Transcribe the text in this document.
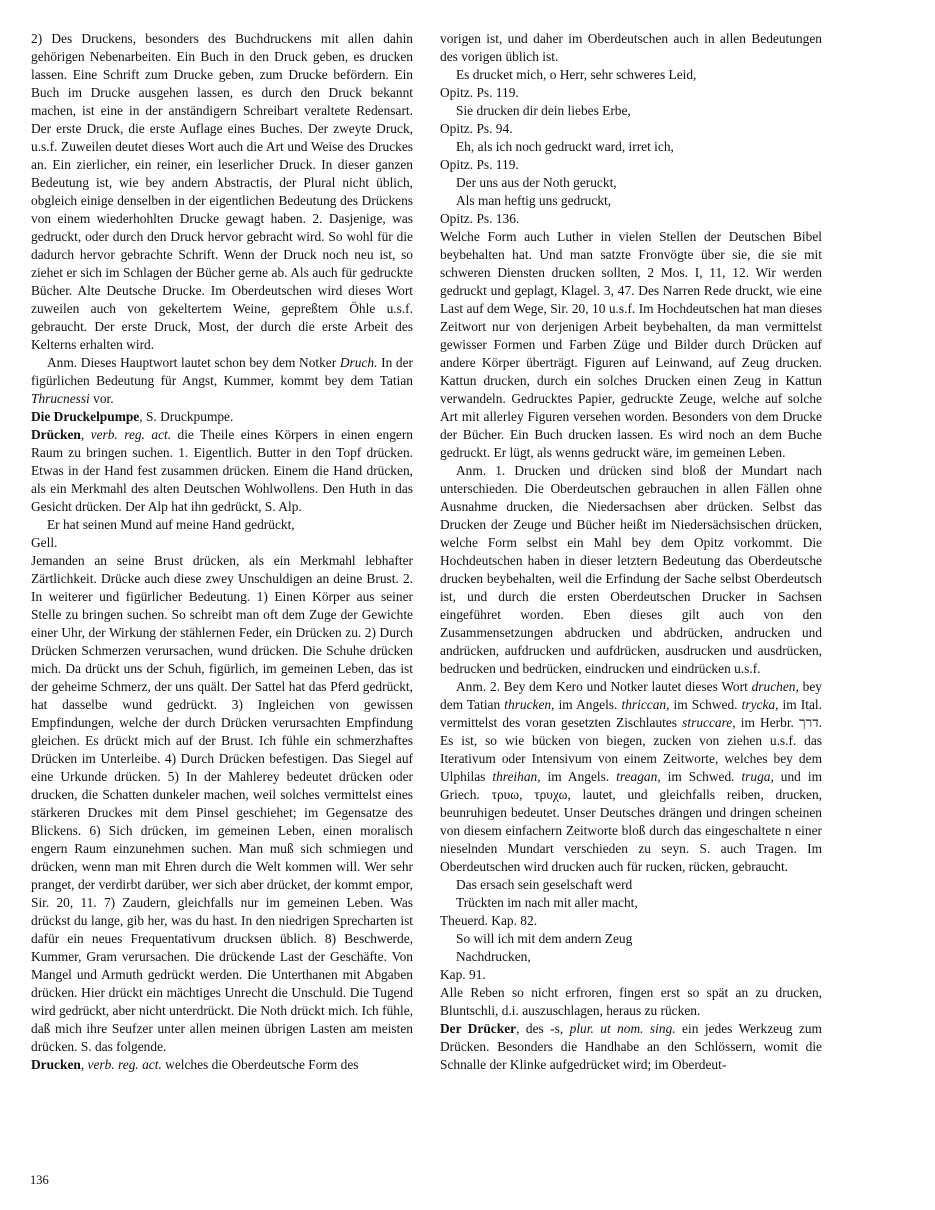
2) Des Druckens, besonders des Buchdruckens mit allen dahin gehörigen Nebenarbeiten. Ein Buch in den Druck geben, es drucken lassen. Eine Schrift zum Drucke geben, zum Drucke befördern. Ein Buch im Drucke ausgehen lassen, es durch den Druck bekannt machen, ist eine in der anständigern Schreibart veraltete Redensart. Der erste Druck, die erste Auflage eines Buches. Der zweyte Druck, u.s.f. Zuweilen deutet dieses Wort auch die Art und Weise des Druckes an. Ein zierlicher, ein reiner, ein leserlicher Druck. In dieser ganzen Bedeutung ist, wie bey andern Abstractis, der Plural nicht üblich, obgleich einige denselben in der eigentlichen Bedeutung des Drückens von einem wiederhohlten Drucke gewagt haben. 2. Dasjenige, was gedruckt, oder durch den Druck hervor gebracht wird. So wohl für die dadurch hervor gebrachte Schrift. Wenn der Druck noch neu ist, so ziehet er sich im Schlagen der Bücher gerne ab. Als auch für gedruckte Bücher. Alte Deutsche Drucke. Im Oberdeutschen wird dieses Wort zuweilen auch von gekeltertem Weine, gepreßtem Öhle u.s.f. gebraucht. Der erste Druck, Most, der durch die erste Arbeit des Kelterns erhalten wird.

Anm. Dieses Hauptwort lautet schon bey dem Notker Druch. In der figürlichen Bedeutung für Angst, Kummer, kommt bey dem Tatian Thrucnessi vor.

Die Druckelpumpe, S. Druckpumpe.

Drücken, verb. reg. act. die Theile eines Körpers in einen engern Raum zu bringen suchen. 1. Eigentlich. Butter in den Topf drücken. Etwas in der Hand fest zusammen drücken. Einem die Hand drücken, als ein Merkmahl des alten Deutschen Wohlwollens. Den Huth in das Gesicht drücken. Der Alp hat ihn gedrückt, S. Alp.

Er hat seinen Mund auf meine Hand gedrückt,

Gell.

Jemanden an seine Brust drücken, als ein Merkmahl lebhafter Zärtlichkeit. Drücke auch diese zwey Unschuldigen an deine Brust. 2. In weiterer und figürlicher Bedeutung. 1) Einen Körper aus seiner Stelle zu bringen suchen. So schreibt man oft dem Zuge der Gewichte einer Uhr, der Wirkung der stählernen Feder, ein Drücken zu. 2) Durch Drücken Schmerzen verursachen, wund drücken. Die Schuhe drücken mich. Da drückt uns der Schuh, figürlich, im gemeinen Leben, das ist der geheime Schmerz, der uns quält. Der Sattel hat das Pferd gedrückt, hat dasselbe wund gedrückt. 3) Ingleichen von gewissen Empfindungen, welche der durch Drücken verursachten Empfindung gleichen. Es drückt mich auf der Brust. Ich fühle ein schmerzhaftes Drücken im Unterleibe. 4) Durch Drücken befestigen. Das Siegel auf eine Urkunde drücken. 5) In der Mahlerey bedeutet drücken oder drucken, die Schatten dunkeler machen, weil solches vermittelst eines stärkeren Druckes mit dem Pinsel geschiehet; im Gegensatze des Blickens. 6) Sich drücken, im gemeinen Leben, einen moralisch engern Raum einzunehmen suchen. Man muß sich schmiegen und drücken, wenn man mit Ehren durch die Welt kommen will. Wer sehr pranget, der verdirbt darüber, wer sich aber drücket, der kommt empor, Sir. 20, 11. 7) Zaudern, gleichfalls nur im gemeinen Leben. Was drückst du lange, gib her, was du hast. In den niedrigen Sprecharten ist dafür ein neues Frequentativum drucksen üblich. 8) Beschwerde, Kummer, Gram verursachen. Die drückende Last der Geschäfte. Von Mangel und Armuth gedrückt werden. Die Unterthanen mit Abgaben drücken. Hier drückt ein mächtiges Unrecht die Unschuld. Die Tugend wird gedrückt, aber nicht unterdrückt. Die Noth drückt mich. Ich fühle, daß mich ihre Seufzer unter allen meinen übrigen Lasten am meisten drücken. S. das folgende.

Drucken, verb. reg. act. welches die Oberdeutsche Form des

vorigen ist, und daher im Oberdeutschen auch in allen Bedeutungen des vorigen üblich ist.

Es drucket mich, o Herr, sehr schweres Leid,

Opitz. Ps. 119.

Sie drucken dir dein liebes Erbe,

Opitz. Ps. 94.

Eh, als ich noch gedruckt ward, irret ich,

Opitz. Ps. 119.

Der uns aus der Noth geruckt,

Als man heftig uns gedruckt,

Opitz. Ps. 136.

Welche Form auch Luther in vielen Stellen der Deutschen Bibel beybehalten hat. Und man satzte Fronvögte über sie, die sie mit schweren Diensten drucken sollten, 2 Mos. I, 11, 12. Wir werden gedruckt und geplagt, Klagel. 3, 47. Des Narren Rede druckt, wie eine Last auf dem Wege, Sir. 20, 10 u.s.f. Im Hochdeutschen hat man dieses Zeitwort nur von derjenigen Arbeit beybehalten, da man vermittelst gewisser Formen und Farben Züge und Bilder durch Drücken auf andere Körper überträgt. Figuren auf Leinwand, auf Zeug drucken. Kattun drucken, durch ein solches Drucken einen Zeug in Kattun verwandeln. Gedrucktes Papier, gedruckte Zeuge, welche auf solche Art mit allerley Figuren versehen worden. Besonders von dem Drucke der Bücher. Ein Buch drucken lassen. Es wird noch an dem Buche gedruckt. Er lügt, als wenns gedruckt wäre, im gemeinen Leben.

Anm. 1. Drucken und drücken sind bloß der Mundart nach unterschieden. Die Oberdeutschen gebrauchen in allen Fällen ohne Ausnahme drucken, die Niedersachsen aber drücken. Selbst das Drucken der Zeuge und Bücher heißt im Niedersächsischen drücken, welche Form selbst ein Mahl bey dem Opitz vorkommt. Die Hochdeutschen haben in dieser letztern Bedeutung das Oberdeutsche drucken beybehalten, weil die Erfindung der Sache selbst Oberdeutsch ist, und durch die ersten Oberdeutschen Drucker in Sachsen eingeführet worden. Eben dieses gilt auch von den Zusammensetzungen abdrucken und abdrücken, andrucken und andrücken, aufdrucken und aufdrücken, ausdrucken und ausdrücken, bedrucken und bedrücken, eindrucken und eindrücken u.s.f.

Anm. 2. Bey dem Kero und Notker lautet dieses Wort druchen, bey dem Tatian thrucken, im Angels. thriccan, im Schwed. trycka, im Ital. vermittelst des voran gesetzten Zischlautes struccare, im Herbr. דרך. Es ist, so wie bücken von biegen, zucken von ziehen u.s.f. das Iterativum oder Intensivum von einem Zeitworte, welches bey dem Ulphilas threihan, im Angels. treagan, im Schwed. truga, und im Griech. τρυω, τρυχω, lautet, und gleichfalls reiben, drucken, beunruhigen bedeutet. Unser Deutsches drängen und dringen scheinen von diesem einfachern Zeitworte bloß durch das eingeschaltete n einer nieselnden Mundart verschieden zu seyn. S. auch Tragen. Im Oberdeutschen wird drucken auch für rucken, rücken, gebraucht.

Das ersach sein geselschaft werd

Trückten im nach mit aller macht,

Theuerd. Kap. 82.

So will ich mit dem andern Zeug

Nachdrucken,

Kap. 91.

Alle Reben so nicht erfroren, fingen erst so spät an zu drucken, Bluntschli, d.i. auszuschlagen, heraus zu rücken.

Der Drücker, des -s, plur. ut nom. sing. ein jedes Werkzeug zum Drücken. Besonders die Handhabe an den Schlössern, womit die Schnalle der Klinke aufgedrücket wird; im Oberdeut-

136
